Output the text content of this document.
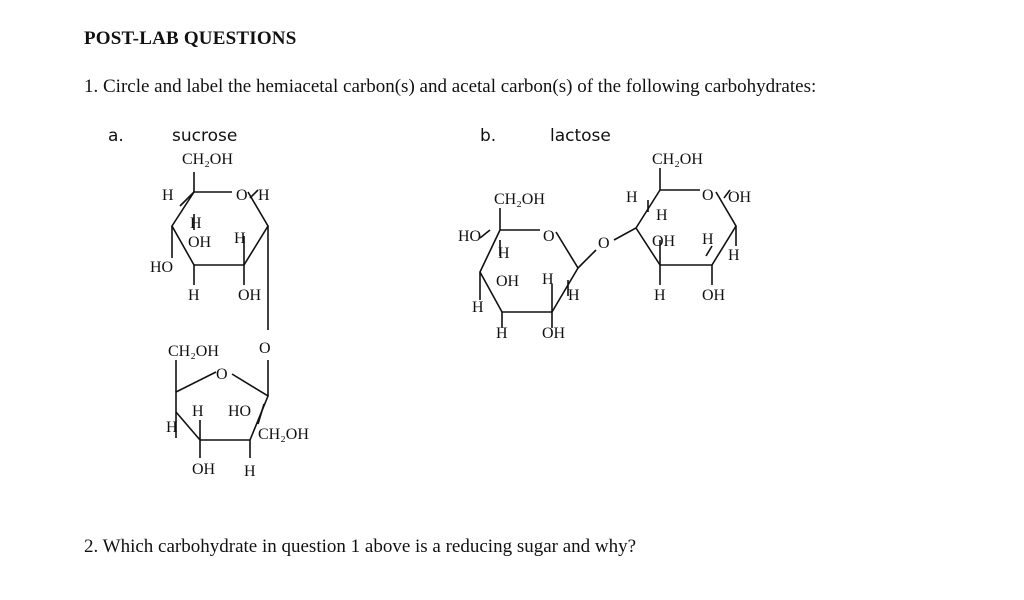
POST-LAB QUESTIONS
1. Circle and label the hemiacetal carbon(s) and acetal carbon(s) of the following carbohydrates:
a.	sucrose	b.	lactose
CH₂OH
H	O H
H
OH H
HO
H OH
O
CH₂OH
O
H HO
H	CH₂OH
OH H
CH₂OH
HO	O
H
OH H
H
H
H OH
O
CH₂OH
H	O OH
H
OH H
H
H OH
2. Which carbohydrate in question 1 above is a reducing sugar and why?
